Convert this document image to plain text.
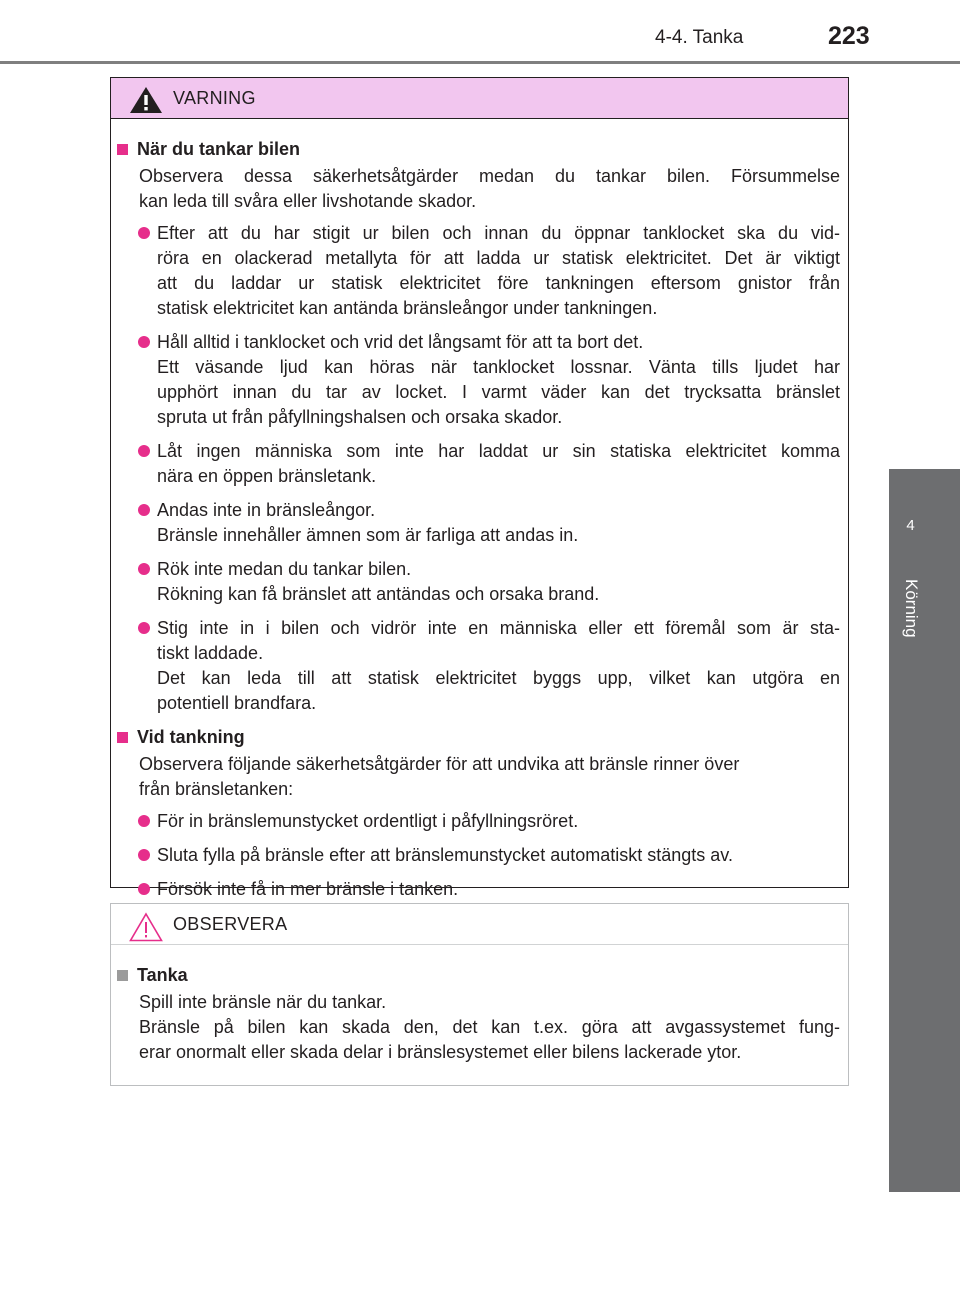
4-4. Tanka	223
4
Körning
VARNING
När du tankar bilen
Observera dessa säkerhetsåtgärder medan du tankar bilen. Försummelse
kan leda till svåra eller livshotande skador.
Efter att du har stigit ur bilen och innan du öppnar tanklocket ska du vid-
röra en olackerad metallyta för att ladda ur statisk elektricitet. Det är viktigt
att du laddar ur statisk elektricitet före tankningen eftersom gnistor från
statisk elektricitet kan antända bränsleångor under tankningen.
Håll alltid i tanklocket och vrid det långsamt för att ta bort det.
Ett väsande ljud kan höras när tanklocket lossnar. Vänta tills ljudet har
upphört innan du tar av locket. I varmt väder kan det trycksatta bränslet
spruta ut från påfyllningshalsen och orsaka skador.
Låt ingen människa som inte har laddat ur sin statiska elektricitet komma
nära en öppen bränsletank.
Andas inte in bränsleångor.
Bränsle innehåller ämnen som är farliga att andas in.
Rök inte medan du tankar bilen.
Rökning kan få bränslet att antändas och orsaka brand.
Stig inte in i bilen och vidrör inte en människa eller ett föremål som är sta-
tiskt laddade.
Det kan leda till att statisk elektricitet byggs upp, vilket kan utgöra en
potentiell brandfara.
Vid tankning
Observera följande säkerhetsåtgärder för att undvika att bränsle rinner över
från bränsletanken:
För in bränslemunstycket ordentligt i påfyllningsröret.
Sluta fylla på bränsle efter att bränslemunstycket automatiskt stängts av.
Försök inte få in mer bränsle i tanken.
OBSERVERA
Tanka
Spill inte bränsle när du tankar.
Bränsle på bilen kan skada den, det kan t.ex. göra att avgassystemet fung-
erar onormalt eller skada delar i bränslesystemet eller bilens lackerade ytor.
